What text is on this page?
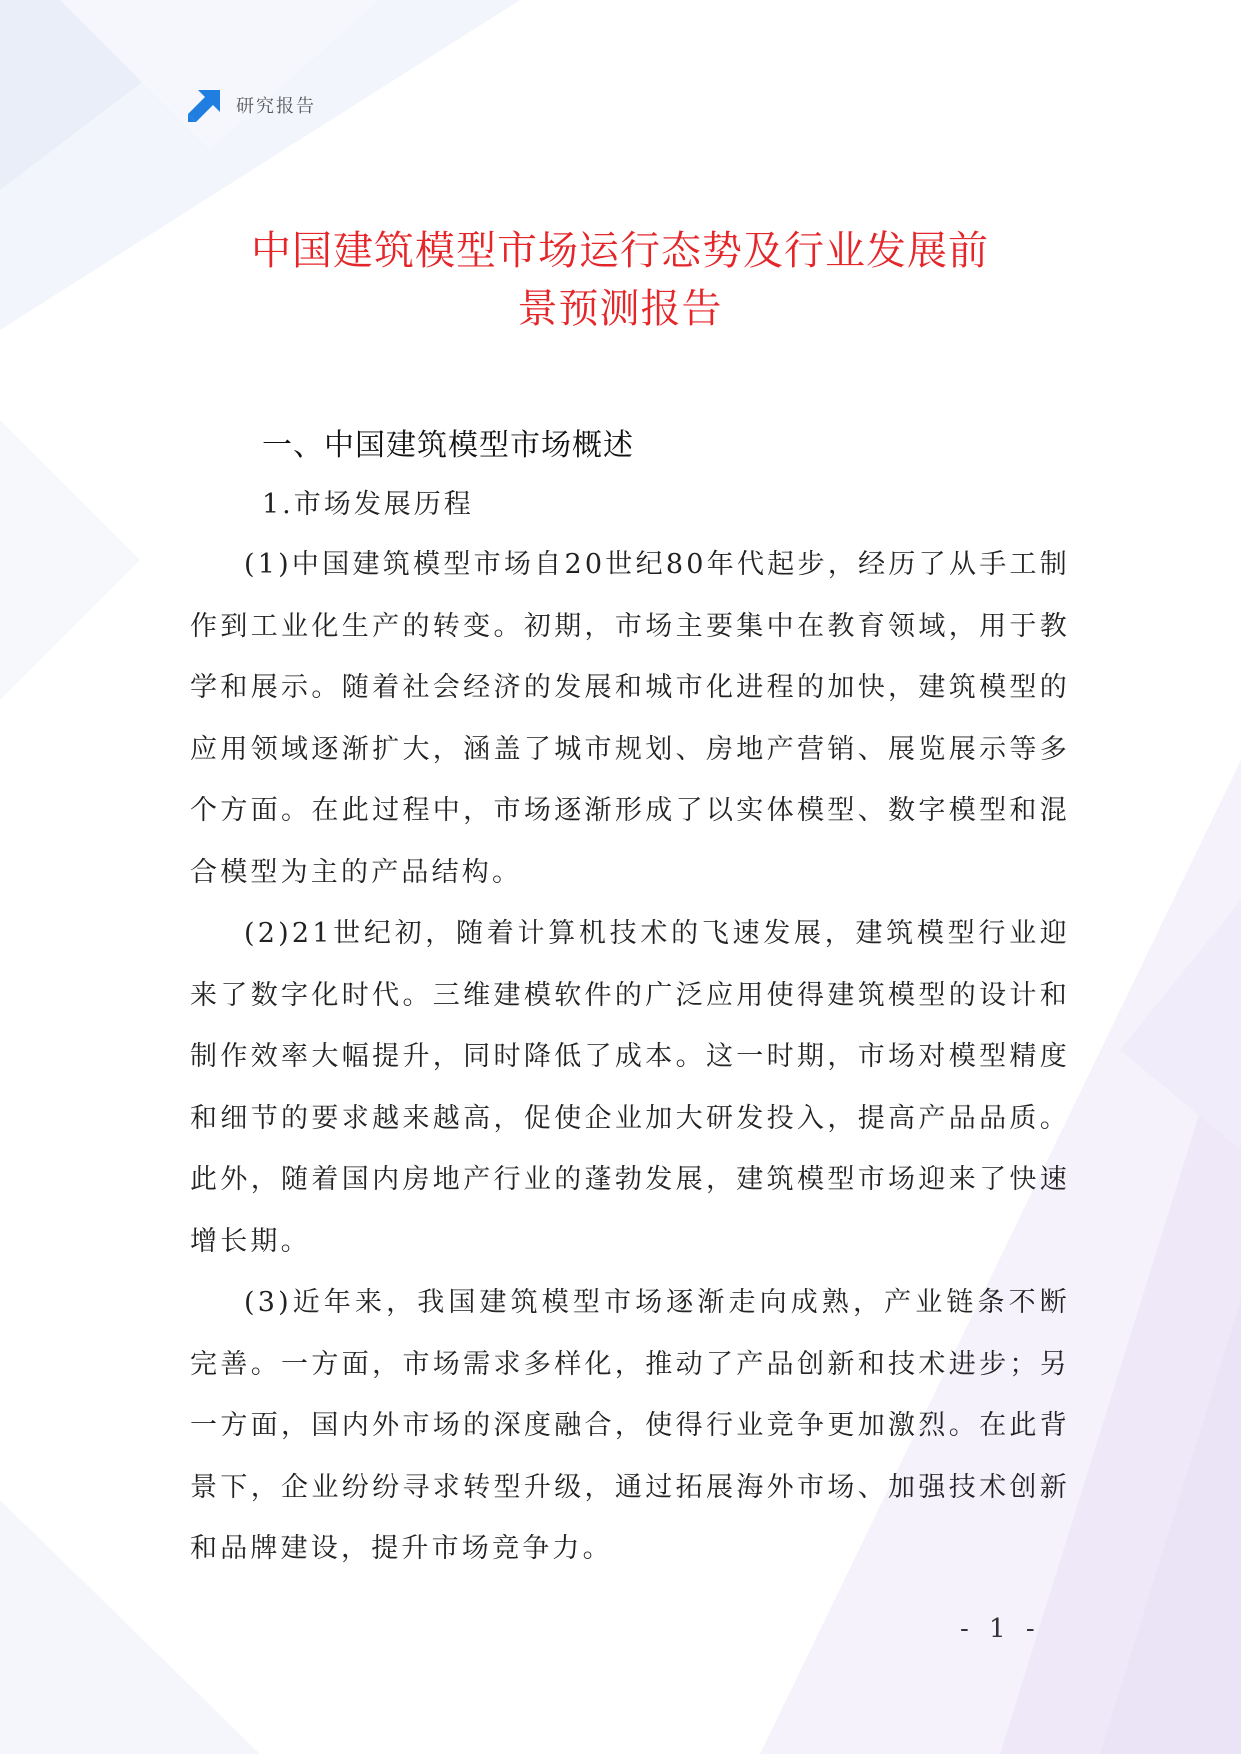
研究报告
中国建筑模型市场运行态势及行业发展前
景预测报告
一、中国建筑模型市场概述
1.市场发展历程

(1)中国建筑模型市场自20世纪80年代起步，经历了从手工制作到工业化生产的转变。初期，市场主要集中在教育领域，用于教学和展示。随着社会经济的发展和城市化进程的加快，建筑模型的应用领域逐渐扩大，涵盖了城市规划、房地产营销、展览展示等多个方面。在此过程中，市场逐渐形成了以实体模型、数字模型和混合模型为主的产品结构。

(2)21世纪初，随着计算机技术的飞速发展，建筑模型行业迎来了数字化时代。三维建模软件的广泛应用使得建筑模型的设计和制作效率大幅提升，同时降低了成本。这一时期，市场对模型精度和细节的要求越来越高，促使企业加大研发投入，提高产品品质。此外，随着国内房地产行业的蓬勃发展，建筑模型市场迎来了快速增长期。

(3)近年来，我国建筑模型市场逐渐走向成熟，产业链条不断完善。一方面，市场需求多样化，推动了产品创新和技术进步；另一方面，国内外市场的深度融合，使得行业竞争更加激烈。在此背景下，企业纷纷寻求转型升级，通过拓展海外市场、加强技术创新和品牌建设，提升市场竞争力。

- 1 -
